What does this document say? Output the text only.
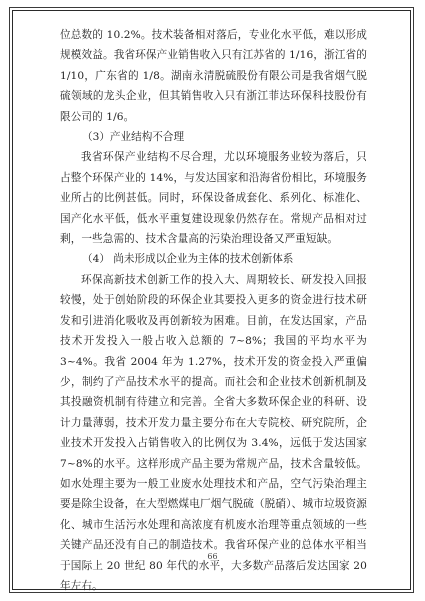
位总数的 10.2%。技术装备相对落后，专业化水平低，难以形成规模效益。我省环保产业销售收入只有江苏省的 1/16，浙江省的 1/10，广东省的 1/8。湖南永清脱硫股份有限公司是我省烟气脱硫领域的龙头企业，但其销售收入只有浙江菲达环保科技股份有限公司的 1/6。

（3）产业结构不合理

我省环保产业结构不尽合理，尤以环境服务业较为落后，只占整个环保产业的 14%，与发达国家和沿海省份相比，环境服务业所占的比例甚低。同时，环保设备成套化、系列化、标准化、国产化水平低，低水平重复建设现象仍然存在。常规产品相对过剩，一些急需的、技术含量高的污染治理设备又严重短缺。

（4） 尚未形成以企业为主体的技术创新体系

环保高新技术创新工作的投入大、周期较长、研发投入回报较慢，处于创始阶段的环保企业其要投入更多的资金进行技术研发和引进消化吸收及再创新较为困难。目前，在发达国家，产品技术开发投入一般占收入总额的 7~8%；我国的平均水平为 3~4%。我省 2004 年为 1.27%，技术开发的资金投入严重偏少，制约了产品技术水平的提高。而社会和企业技术创新机制及其投融资机制有待建立和完善。全省大多数环保企业的科研、设计力量薄弱，技术开发力量主要分布在大专院校、研究院所，企业技术开发投入占销售收入的比例仅为 3.4%，远低于发达国家 7~8%的水平。这样形成产品主要为常规产品，技术含量较低。如水处理主要为一般工业废水处理技术和产品，空气污染治理主要是除尘设备，在大型燃煤电厂烟气脱硫（脱硝）、城市垃圾资源化、城市生活污水处理和高浓度有机废水治理等重点领域的一些关键产品还没有自己的制造技术。我省环保产业的总体水平相当于国际上 20 世纪 80 年代的水平，大多数产品落后发达国家 20 年左右。

66
